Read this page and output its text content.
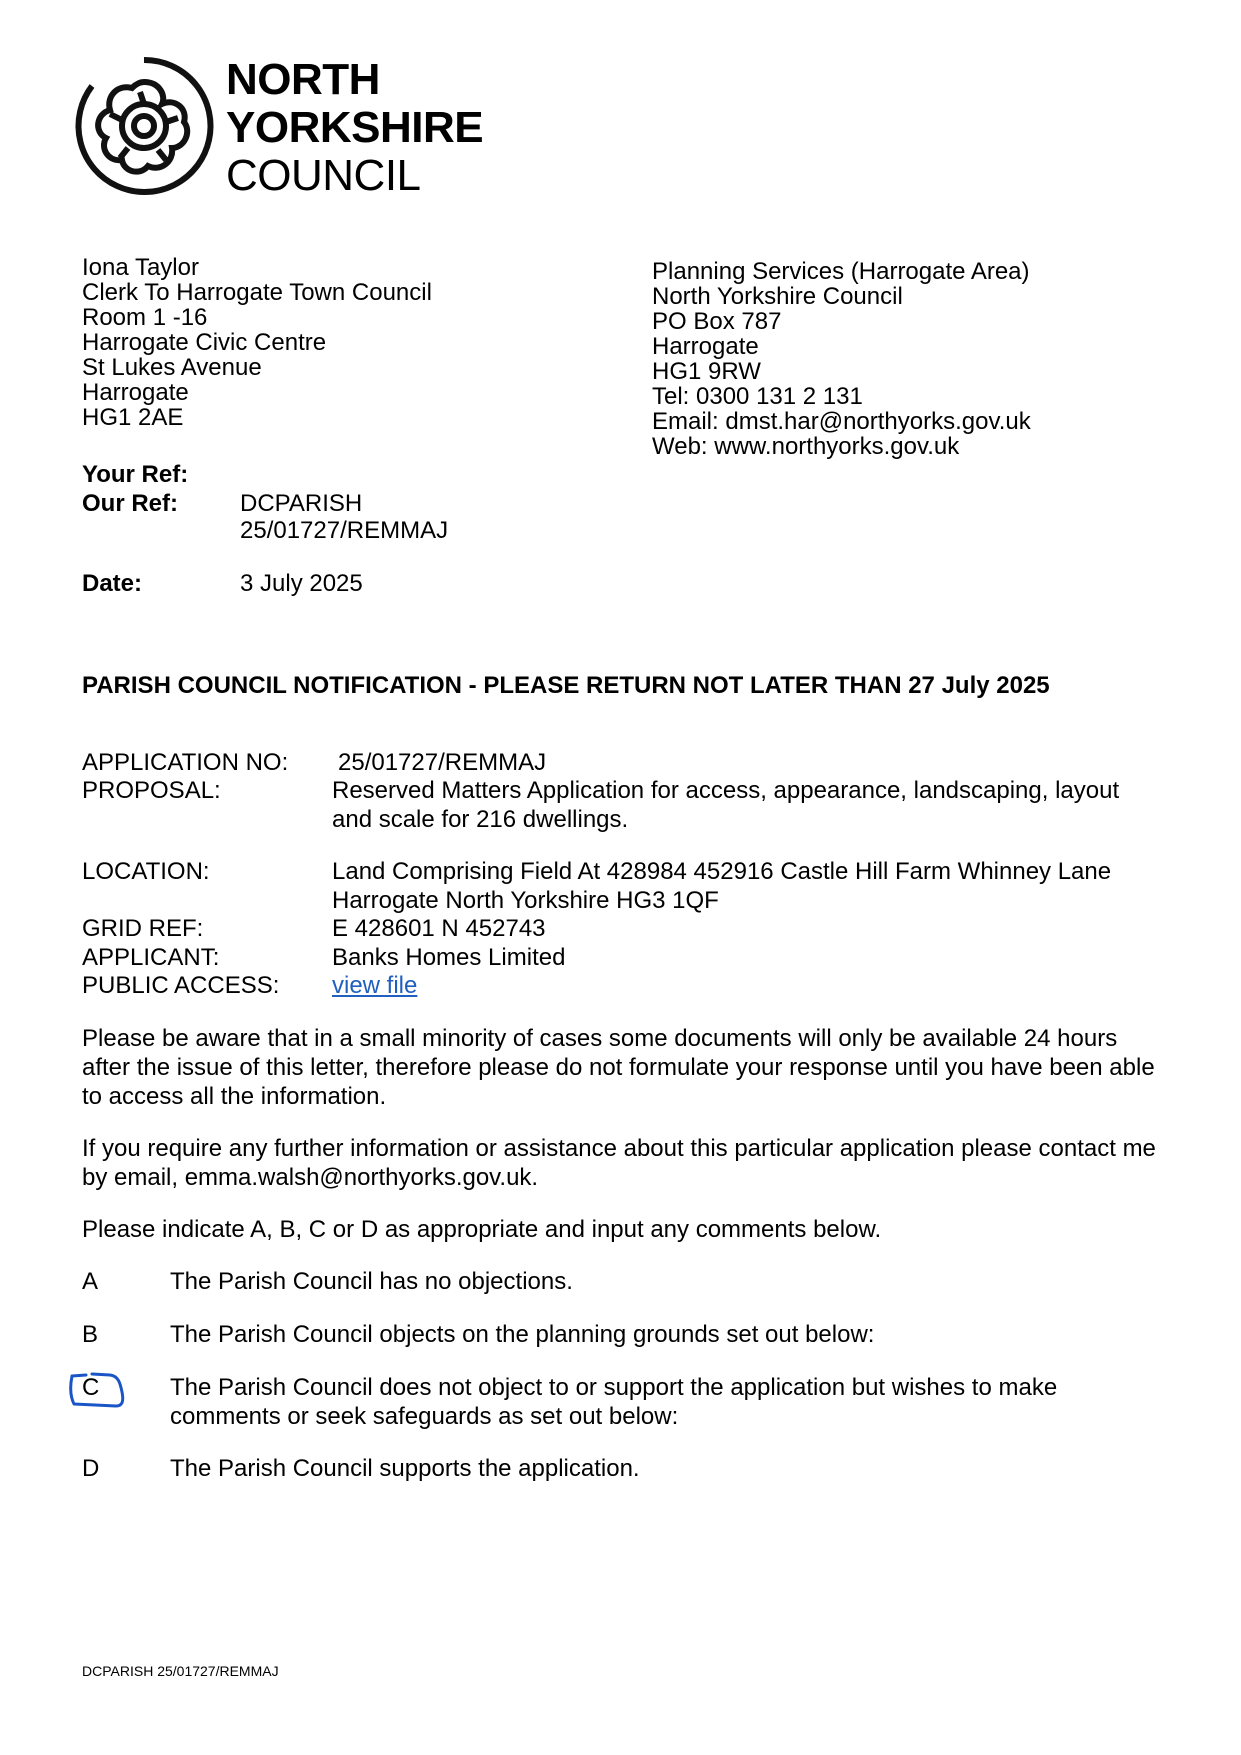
NORTH
YORKSHIRE
COUNCIL
Iona Taylor
Clerk To Harrogate Town Council
Room 1 -16
Harrogate Civic Centre
St Lukes Avenue
Harrogate
HG1 2AE
Planning Services (Harrogate Area)
North Yorkshire Council
PO Box 787
Harrogate
HG1 9RW
Tel: 0300 131 2 131
Email: dmst.har@northyorks.gov.uk
Web: www.northyorks.gov.uk
Your Ref:
Our Ref:	DCPARISH
25/01727/REMMAJ
Date:	3 July 2025
PARISH COUNCIL NOTIFICATION - PLEASE RETURN NOT LATER THAN 27 July 2025
APPLICATION NO: 25/01727/REMMAJ
PROPOSAL:	Reserved Matters Application for access, appearance, landscaping, layout
and scale for 216 dwellings.
LOCATION:	Land Comprising Field At 428984 452916 Castle Hill Farm Whinney Lane
Harrogate North Yorkshire HG3 1QF
GRID REF:	E 428601 N 452743
APPLICANT:	Banks Homes Limited
PUBLIC ACCESS: view file
Please be aware that in a small minority of cases some documents will only be available 24 hours after the issue of this letter, therefore please do not formulate your response until you have been able to access all the information.
If you require any further information or assistance about this particular application please contact me by email, emma.walsh@northyorks.gov.uk.
Please indicate A, B, C or D as appropriate and input any comments below.
A	The Parish Council has no objections.
B	The Parish Council objects on the planning grounds set out below:
C	The Parish Council does not object to or support the application but wishes to make comments or seek safeguards as set out below:
D	The Parish Council supports the application.
DCPARISH 25/01727/REMMAJ
